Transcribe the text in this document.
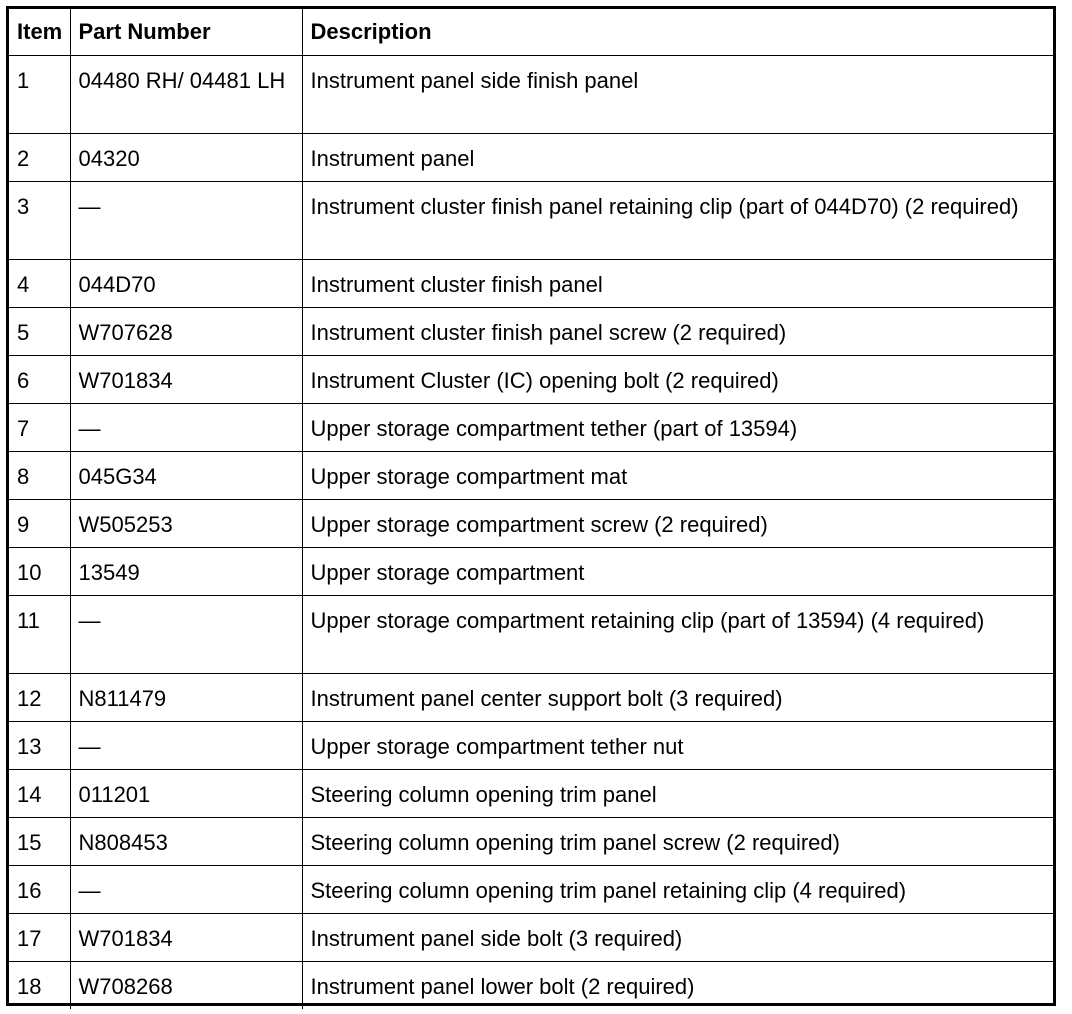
Item	Part Number	Description
1	04480 RH/ 04481 LH	Instrument panel side finish panel
2	04320	Instrument panel
3	—	Instrument cluster finish panel retaining clip (part of 044D70) (2 required)
4	044D70	Instrument cluster finish panel
5	W707628	Instrument cluster finish panel screw (2 required)
6	W701834	Instrument Cluster (IC) opening bolt (2 required)
7	—	Upper storage compartment tether (part of 13594)
8	045G34	Upper storage compartment mat
9	W505253	Upper storage compartment screw (2 required)
10	13549	Upper storage compartment
11	—	Upper storage compartment retaining clip (part of 13594) (4 required)
12	N811479	Instrument panel center support bolt (3 required)
13	—	Upper storage compartment tether nut
14	011201	Steering column opening trim panel
15	N808453	Steering column opening trim panel screw (2 required)
16	—	Steering column opening trim panel retaining clip (4 required)
17	W701834	Instrument panel side bolt (3 required)
18	W708268	Instrument panel lower bolt (2 required)
